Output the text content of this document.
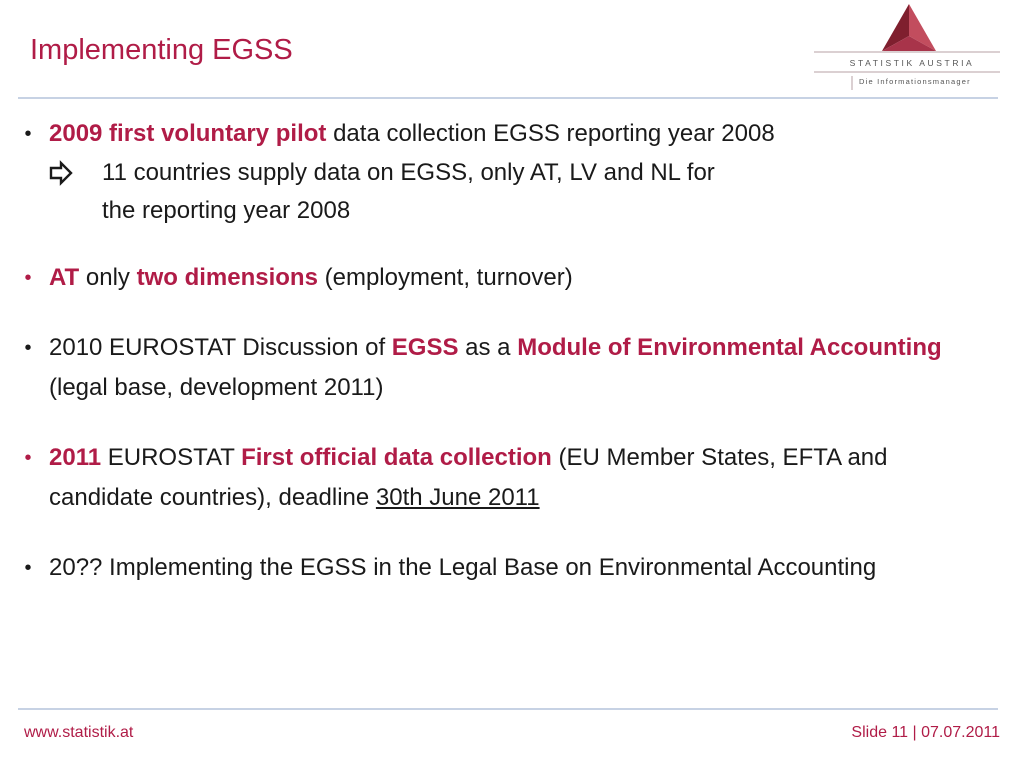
Implementing EGSS	STATISTIK AUSTRIA
Die Informationsmanager
• 2009 first voluntary pilot data collection EGSS reporting year 2008
11 countries supply data on EGSS, only AT, LV and NL for
the reporting year 2008
• AT only two dimensions (employment, turnover)
• 2010 EUROSTAT Discussion of EGSS as a Module of Environmental Accounting (legal base, development 2011)
• 2011 EUROSTAT First official data collection (EU Member States, EFTA and candidate countries), deadline 30th June 2011
• 20?? Implementing the EGSS in the Legal Base on Environmental Accounting
www.statistik.at	Slide 11 | 07.07.2011
